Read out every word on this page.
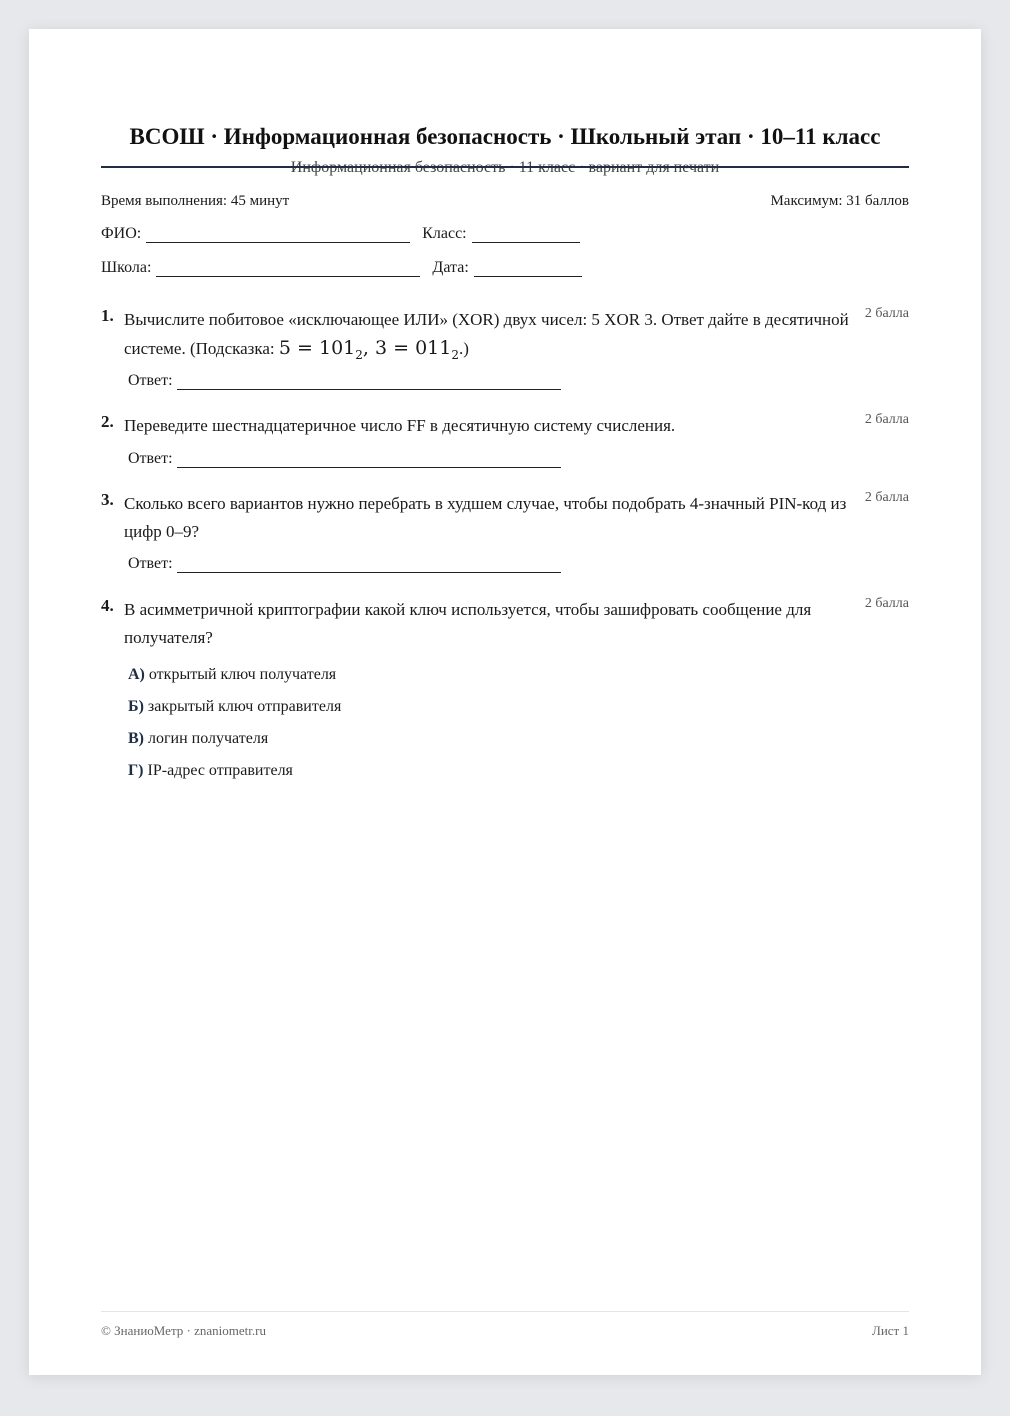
ВСОШ · Информационная безопасность · Школьный этап · 10–11 класс
Время выполнения: 45 минут	Максимум: 31 баллов
ФИО:	Класс:
Школа:	Дата:
1. Вычислите побитовое «исключающее ИЛИ» (XOR) двух чисел: 5 XOR 3. Ответ дайте в десятичной системе. (Подсказка: $5 = 101_2$, $3 = 011_2$.)
2 балла
Ответ:
2. Переведите шестнадцатеричное число FF в десятичную систему счисления.	2 балла
Ответ:
3. Сколько всего вариантов нужно перебрать в худшем случае, чтобы подобрать 4-значный PIN-код из цифр 0–9?
2 балла
Ответ:
4. В асимметричной криптографии какой ключ используется, чтобы зашифровать сообщение для получателя?
2 балла
А) открытый ключ получателя
Б) закрытый ключ отправителя
В) логин получателя
Г) IP-адрес отправителя
© ЗнаниоМетр · znaniometr.ru	Лист 1
